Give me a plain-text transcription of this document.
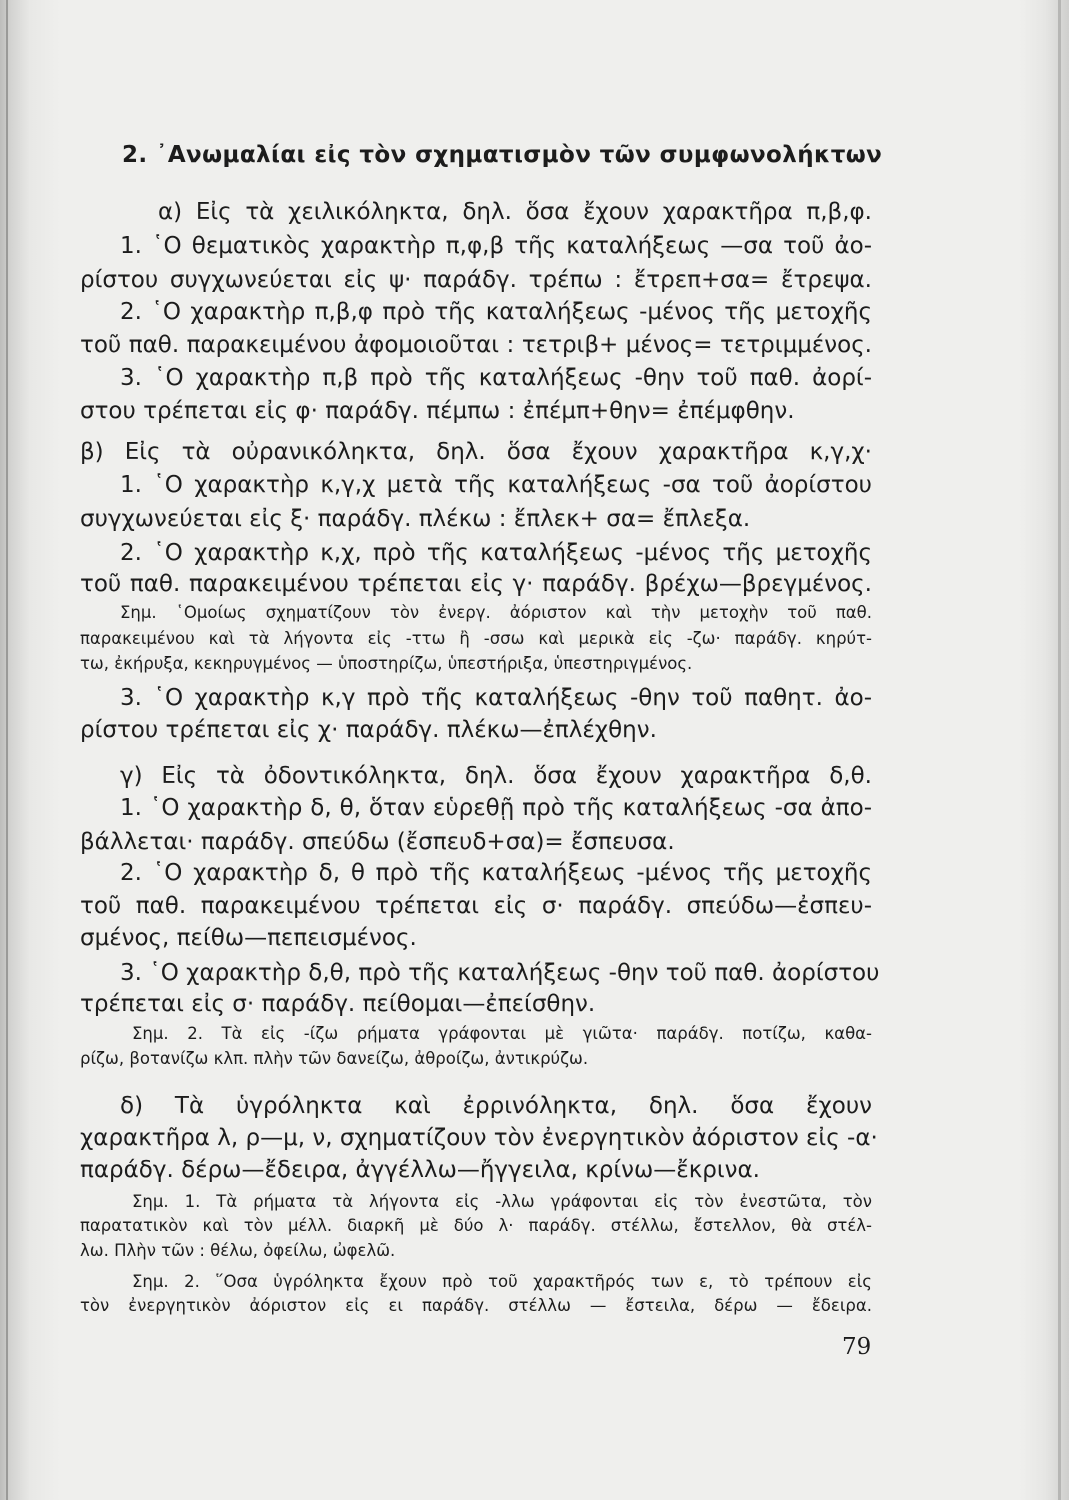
2. ᾿Ανωμαλίαι εἰς τὸν σχηματισμὸν τῶν συμφωνολήκτων
α) Εἰς τὰ χειλικόληκτα, δηλ. ὅσα ἔχουν χαρακτῆρα π,β,φ.
1. ῾Ο θεματικὸς χαρακτὴρ π,φ,β τῆς καταλήξεως —σα τοῦ ἀο-
ρίστου συγχωνεύεται εἰς ψ· παράδγ. τρέπω : ἔτρεπ+σα= ἔτρεψα.
2. ῾Ο χαρακτὴρ π,β,φ πρὸ τῆς καταλήξεως -μένος τῆς μετοχῆς
τοῦ παθ. παρακειμένου ἀφομοιοῦται : τετριβ+ μένος= τετριμμένος.
3. ῾Ο χαρακτὴρ π,β πρὸ τῆς καταλήξεως -θην τοῦ παθ. ἀορί-
στου τρέπεται εἰς φ· παράδγ. πέμπω : ἐπέμπ+θην= ἐπέμφθην.
β) Εἰς τὰ οὐρανικόληκτα, δηλ. ὅσα ἔχουν χαρακτῆρα κ,γ,χ·
1. ῾Ο χαρακτὴρ κ,γ,χ μετὰ τῆς καταλήξεως -σα τοῦ ἀορίστου
συγχωνεύεται εἰς ξ· παράδγ. πλέκω : ἔπλεκ+ σα= ἔπλεξα.
2. ῾Ο χαρακτὴρ κ,χ, πρὸ τῆς καταλήξεως -μένος τῆς μετοχῆς
τοῦ παθ. παρακειμένου τρέπεται εἰς γ· παράδγ. βρέχω—βρεγμένος.
Σημ. ῾Ομοίως σχηματίζουν τὸν ἐνεργ. ἀόριστον καὶ τὴν μετοχὴν τοῦ παθ.
παρακειμένου καὶ τὰ λήγοντα εἰς -ττω ἢ -σσω καὶ μερικὰ εἰς -ζω· παράδγ. κηρύτ-
τω, ἐκήρυξα, κεκηρυγμένος — ὑποστηρίζω, ὑπεστήριξα, ὑπεστηριγμένος.
3. ῾Ο χαρακτὴρ κ,γ πρὸ τῆς καταλήξεως -θην τοῦ παθητ. ἀο-
ρίστου τρέπεται εἰς χ· παράδγ. πλέκω—ἐπλέχθην.
γ) Εἰς τὰ ὀδοντικόληκτα, δηλ. ὅσα ἔχουν χαρακτῆρα δ,θ.
1. ῾Ο χαρακτὴρ δ, θ, ὅταν εὑρεθῇ πρὸ τῆς καταλήξεως -σα ἀπο-
βάλλεται· παράδγ. σπεύδω (ἔσπευδ+σα)= ἔσπευσα.
2. ῾Ο χαρακτὴρ δ, θ πρὸ τῆς καταλήξεως -μένος τῆς μετοχῆς
τοῦ παθ. παρακειμένου τρέπεται εἰς σ· παράδγ. σπεύδω—ἐσπευ-
σμένος, πείθω—πεπεισμένος.
3. ῾Ο χαρακτὴρ δ,θ, πρὸ τῆς καταλήξεως -θην τοῦ παθ. ἀορίστου
τρέπεται εἰς σ· παράδγ. πείθομαι—ἐπείσθην.
Σημ. 2. Τὰ εἰς -ίζω ρήματα γράφονται μὲ γιῶτα· παράδγ. ποτίζω, καθα-
ρίζω, βοτανίζω κλπ. πλὴν τῶν δανείζω, ἀθροίζω, ἀντικρύζω.
δ) Τὰ ὑγρόληκτα καὶ ἐρρινόληκτα, δηλ. ὅσα ἔχουν
χαρακτῆρα λ, ρ—μ, ν, σχηματίζουν τὸν ἐνεργητικὸν ἀόριστον εἰς -α·
παράδγ. δέρω—ἔδειρα, ἀγγέλλω—ἤγγειλα, κρίνω—ἔκρινα.
Σημ. 1. Τὰ ρήματα τὰ λήγοντα εἰς -λλω γράφονται εἰς τὸν ἐνεστῶτα, τὸν
παρατατικὸν καὶ τὸν μέλλ. διαρκῆ μὲ δύο λ· παράδγ. στέλλω, ἔστελλον, θὰ στέλ-
λω. Πλὴν τῶν : θέλω, ὀφείλω, ὠφελῶ.
Σημ. 2. ῞Οσα ὑγρόληκτα ἔχουν πρὸ τοῦ χαρακτῆρός των ε, τὸ τρέπουν εἰς
τὸν ἐνεργητικὸν ἀόριστον εἰς ει παράδγ. στέλλω — ἔστειλα, δέρω — ἔδειρα.
79
